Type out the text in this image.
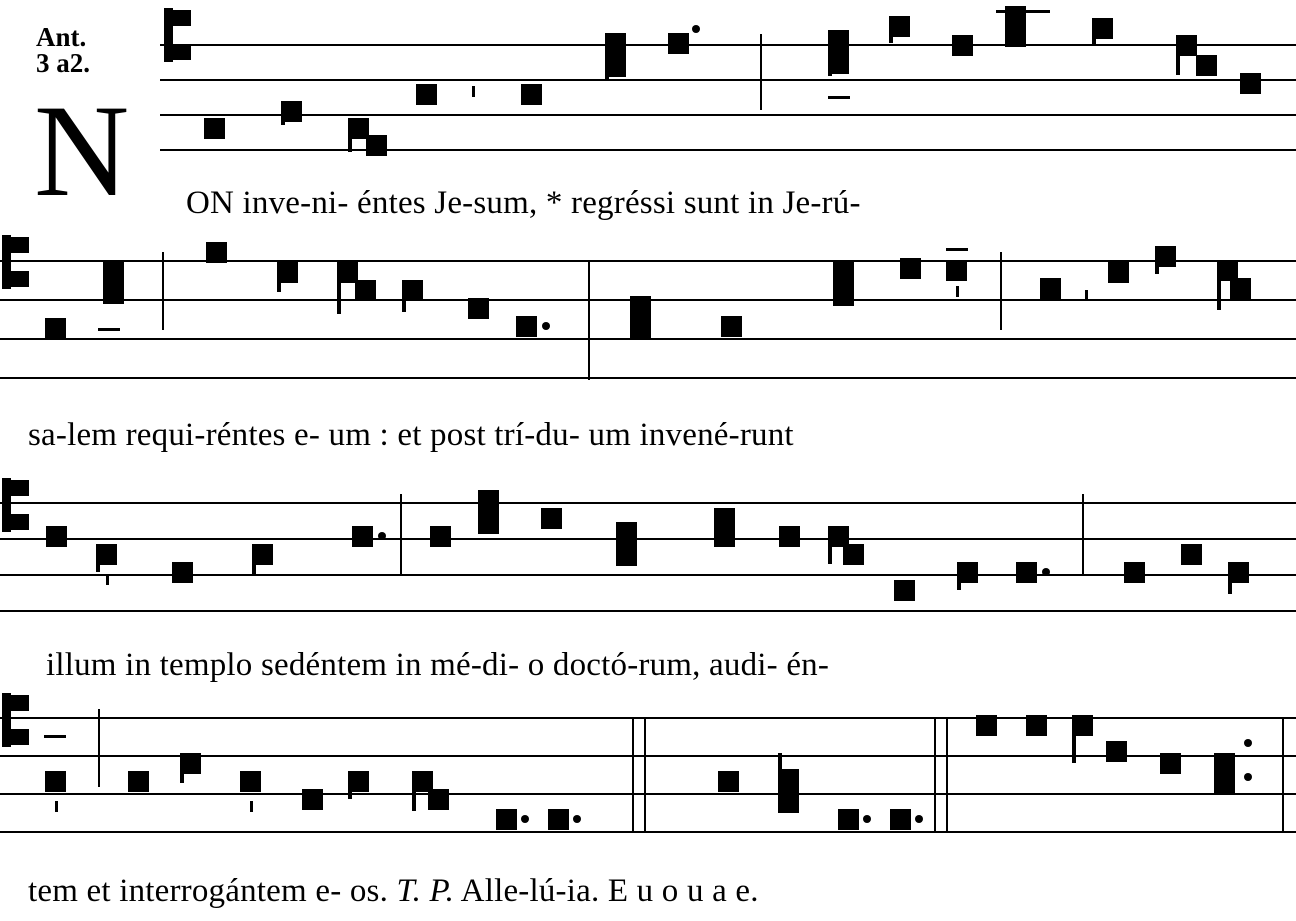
Ant.
3 a2.
N ON inve-ni- éntes Je-sum, * regréssi sunt in Je-rú-
sa-lem requi-réntes e- um : et post trí-du- um invené-runt
illum in templo sedéntem in mé-di- o doctó-rum, audi- én-
tem et interrogántem e- os. T. P. Alle-lú-ia. E u o u a e.
